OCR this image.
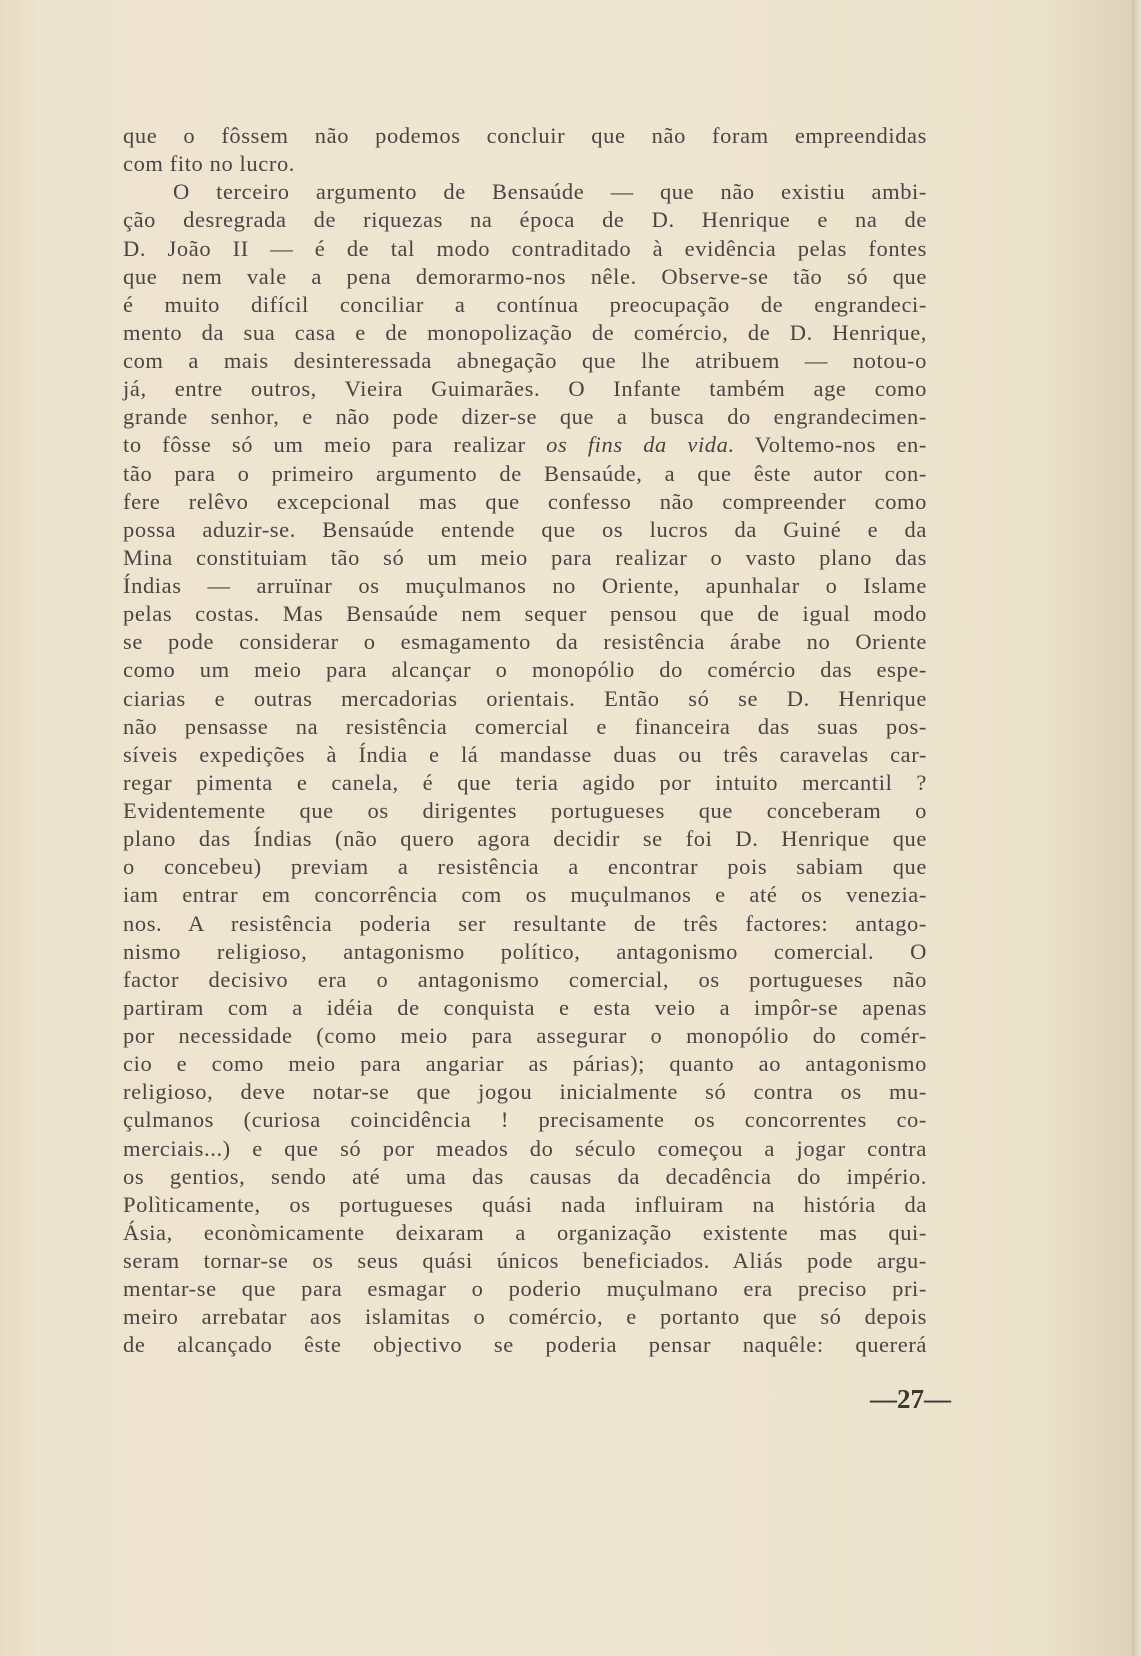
que o fôssem não podemos concluir que não foram empreendidas
com fito no lucro.
O terceiro argumento de Bensaúde — que não existiu ambi-
ção desregrada de riquezas na época de D. Henrique e na de
D. João II — é de tal modo contraditado à evidência pelas fontes
que nem vale a pena demorarmo-nos nêle. Observe-se tão só que
é muito difícil conciliar a contínua preocupação de engrandeci-
mento da sua casa e de monopolização de comércio, de D. Henrique,
com a mais desinteressada abnegação que lhe atribuem — notou-o
já, entre outros, Vieira Guimarães. O Infante também age como
grande senhor, e não pode dizer-se que a busca do engrandecimen-
to fôsse só um meio para realizar os fins da vida. Voltemo-nos en-
tão para o primeiro argumento de Bensaúde, a que êste autor con-
fere relêvo excepcional mas que confesso não compreender como
possa aduzir-se. Bensaúde entende que os lucros da Guiné e da
Mina constituiam tão só um meio para realizar o vasto plano das
Índias — arruïnar os muçulmanos no Oriente, apunhalar o Islame
pelas costas. Mas Bensaúde nem sequer pensou que de igual modo
se pode considerar o esmagamento da resistência árabe no Oriente
como um meio para alcançar o monopólio do comércio das espe-
ciarias e outras mercadorias orientais. Então só se D. Henrique
não pensasse na resistência comercial e financeira das suas pos-
síveis expedições à Índia e lá mandasse duas ou três caravelas car-
regar pimenta e canela, é que teria agido por intuito mercantil ?
Evidentemente que os dirigentes portugueses que conceberam o
plano das Índias (não quero agora decidir se foi D. Henrique que
o concebeu) previam a resistência a encontrar pois sabiam que
iam entrar em concorrência com os muçulmanos e até os venezia-
nos. A resistência poderia ser resultante de três factores: antago-
nismo religioso, antagonismo político, antagonismo comercial. O
factor decisivo era o antagonismo comercial, os portugueses não
partiram com a idéia de conquista e esta veio a impôr-se apenas
por necessidade (como meio para assegurar o monopólio do comér-
cio e como meio para angariar as párias); quanto ao antagonismo
religioso, deve notar-se que jogou inicialmente só contra os mu-
çulmanos (curiosa coincidência ! precisamente os concorrentes co-
merciais...) e que só por meados do século começou a jogar contra
os gentios, sendo até uma das causas da decadência do império.
Polìticamente, os portugueses quási nada influiram na história da
Ásia, econòmicamente deixaram a organização existente mas qui-
seram tornar-se os seus quási únicos beneficiados. Aliás pode argu-
mentar-se que para esmagar o poderio muçulmano era preciso pri-
meiro arrebatar aos islamitas o comércio, e portanto que só depois
de alcançado êste objectivo se poderia pensar naquêle: quererá
—27—
